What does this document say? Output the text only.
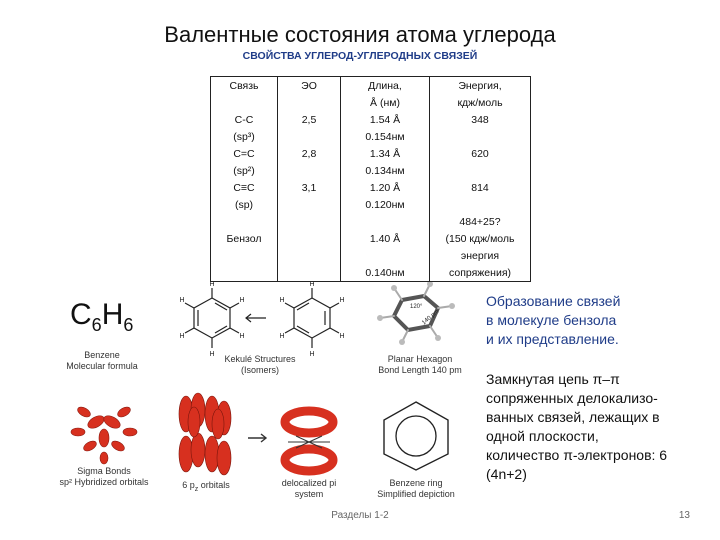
Валентные состояния атома углерода
СВОЙСТВА УГЛЕРОД-УГЛЕРОДНЫХ СВЯЗЕЙ
Связь	ЭО	Длина,	Энергия,
		Å (нм)	кдж/моль
C-C	2,5	1.54 Å	348
(sp³)		0.154нм	
C=C	2,8	1.34 Å	620
(sp²)		0.134нм	
C≡C	3,1	1.20 Å	814
(sp)		0.120нм	
			484+25?
Бензол		1.40 Å	(150 кдж/моль
			энергия
		0.140нм	сопряжения)
$C_6H_6$
Benzene
Molecular formula
H
H
H
H
H
H
H
H
H
H
H
H
Kekulé Structures
(Isomers)
120°
140 pm
Planar Hexagon
Bond Length 140 pm
Sigma Bonds
sp² Hybridized orbitals	6 $p_z$ orbitals	delocalized pi
system
Benzene ring
Simplified depiction
Образование связей
в молекуле бензола
и их представление.
Замкнутая цепь π–π
сопряженных делокализо-
ванных связей, лежащих в
одной плоскости,
количество π-электронов: 6
(4n+2)
Разделы 1-2	13
